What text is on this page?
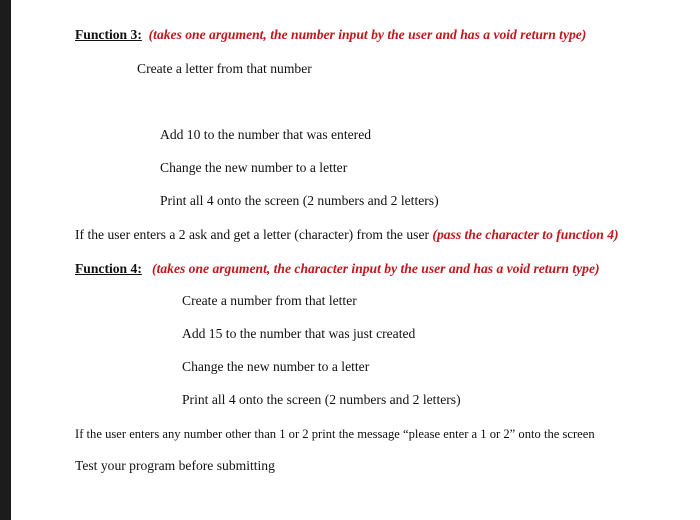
Function 3: (takes one argument, the number input by the user and has a void return type)
Create a letter from that number
Add 10 to the number that was entered
Change the new number to a letter
Print all 4 onto the screen (2 numbers and 2 letters)
If the user enters a 2 ask and get a letter (character) from the user (pass the character to function 4)
Function 4: (takes one argument, the character input by the user and has a void return type)
Create a number from that letter
Add 15 to the number that was just created
Change the new number to a letter
Print all 4 onto the screen (2 numbers and 2 letters)
If the user enters any number other than 1 or 2 print the message “please enter a 1 or 2” onto the screen
Test your program before submitting
